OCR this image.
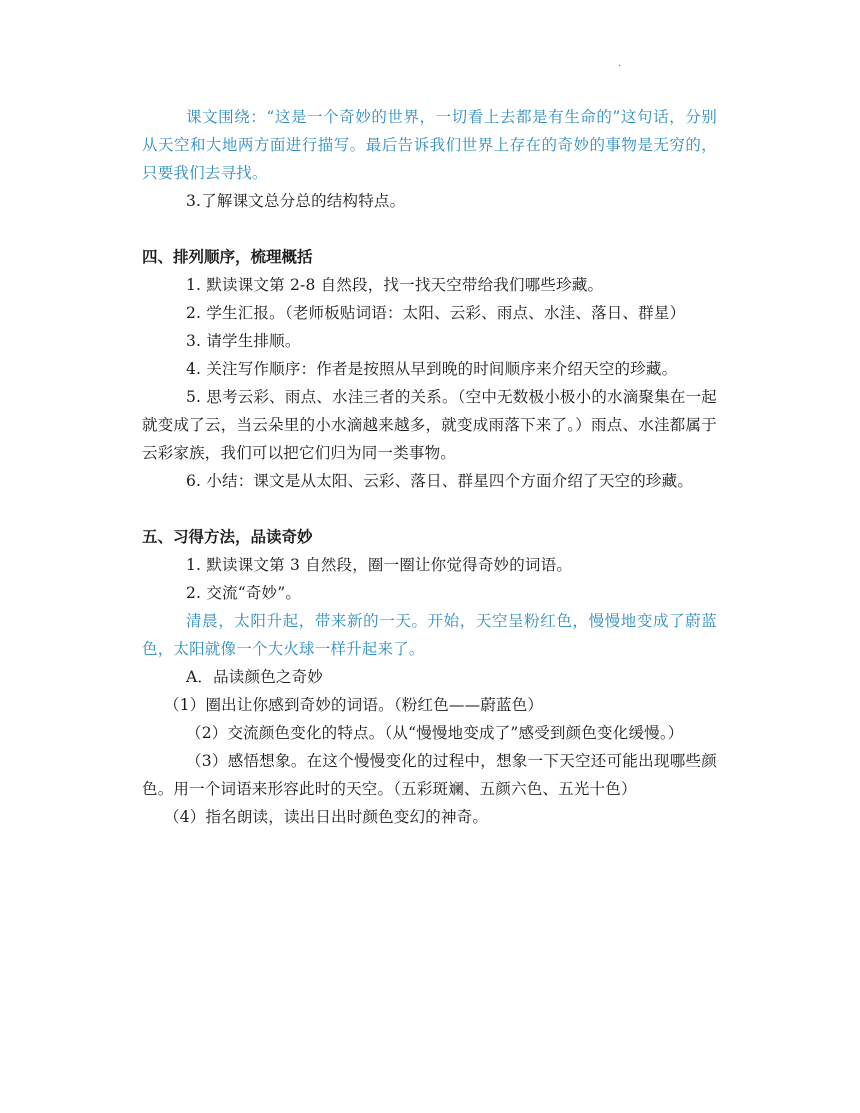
.

课文围绕：“这是一个奇妙的世界，一切看上去都是有生命的”这句话，分别从天空和大地两方面进行描写。最后告诉我们世界上存在的奇妙的事物是无穷的，只要我们去寻找。

3.了解课文总分总的结构特点。

四、排列顺序，梳理概括

1. 默读课文第 2-8 自然段，找一找天空带给我们哪些珍藏。

2. 学生汇报。（老师板贴词语：太阳、云彩、雨点、水洼、落日、群星）

3. 请学生排顺。

4. 关注写作顺序：作者是按照从早到晚的时间顺序来介绍天空的珍藏。

5. 思考云彩、雨点、水洼三者的关系。（空中无数极小极小的水滴聚集在一起就变成了云，当云朵里的小水滴越来越多，就变成雨落下来了。）雨点、水洼都属于云彩家族，我们可以把它们归为同一类事物。

6. 小结：课文是从太阳、云彩、落日、群星四个方面介绍了天空的珍藏。

五、习得方法，品读奇妙

1. 默读课文第 3 自然段，圈一圈让你觉得奇妙的词语。

2. 交流“奇妙”。

清晨，太阳升起，带来新的一天。开始，天空呈粉红色，慢慢地变成了蔚蓝色，太阳就像一个大火球一样升起来了。

A．品读颜色之奇妙

（1）圈出让你感到奇妙的词语。（粉红色——蔚蓝色）

（2）交流颜色变化的特点。（从“慢慢地变成了”感受到颜色变化缓慢。）

（3）感悟想象。在这个慢慢变化的过程中，想象一下天空还可能出现哪些颜色。用一个词语来形容此时的天空。（五彩斑斓、五颜六色、五光十色）

（4）指名朗读，读出日出时颜色变幻的神奇。
